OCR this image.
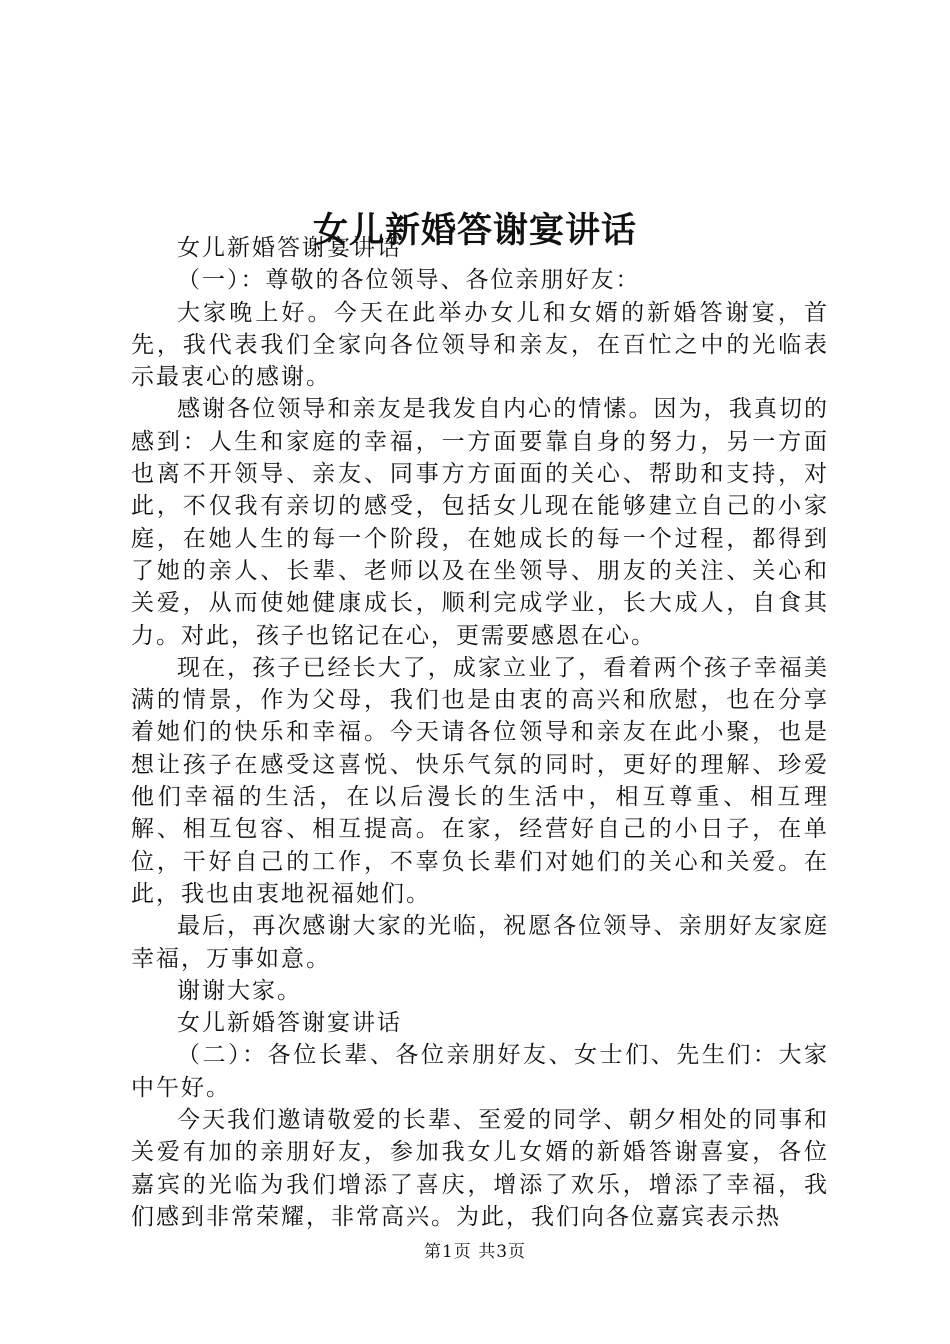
女儿新婚答谢宴讲话

女儿新婚答谢宴讲话

（一）：尊敬的各位领导、各位亲朋好友：

大家晚上好。今天在此举办女儿和女婿的新婚答谢宴，首先，我代表我们全家向各位领导和亲友，在百忙之中的光临表示最衷心的感谢。

感谢各位领导和亲友是我发自内心的情愫。因为，我真切的感到：人生和家庭的幸福，一方面要靠自身的努力，另一方面也离不开领导、亲友、同事方方面面的关心、帮助和支持，对此，不仅我有亲切的感受，包括女儿现在能够建立自己的小家庭，在她人生的每一个阶段，在她成长的每一个过程，都得到了她的亲人、长辈、老师以及在坐领导、朋友的关注、关心和关爱，从而使她健康成长，顺利完成学业，长大成人，自食其力。对此，孩子也铭记在心，更需要感恩在心。

现在，孩子已经长大了，成家立业了，看着两个孩子幸福美满的情景，作为父母，我们也是由衷的高兴和欣慰，也在分享着她们的快乐和幸福。今天请各位领导和亲友在此小聚，也是想让孩子在感受这喜悦、快乐气氛的同时，更好的理解、珍爱他们幸福的生活，在以后漫长的生活中，相互尊重、相互理解、相互包容、相互提高。在家，经营好自己的小日子，在单位，干好自己的工作，不辜负长辈们对她们的关心和关爱。在此，我也由衷地祝福她们。

最后，再次感谢大家的光临，祝愿各位领导、亲朋好友家庭幸福，万事如意。

谢谢大家。

女儿新婚答谢宴讲话

（二）：各位长辈、各位亲朋好友、女士们、先生们：大家中午好。

今天我们邀请敬爱的长辈、至爱的同学、朝夕相处的同事和关爱有加的亲朋好友，参加我女儿女婿的新婚答谢喜宴，各位嘉宾的光临为我们增添了喜庆，增添了欢乐，增添了幸福，我们感到非常荣耀，非常高兴。为此，我们向各位嘉宾表示热

第1页 共3页
